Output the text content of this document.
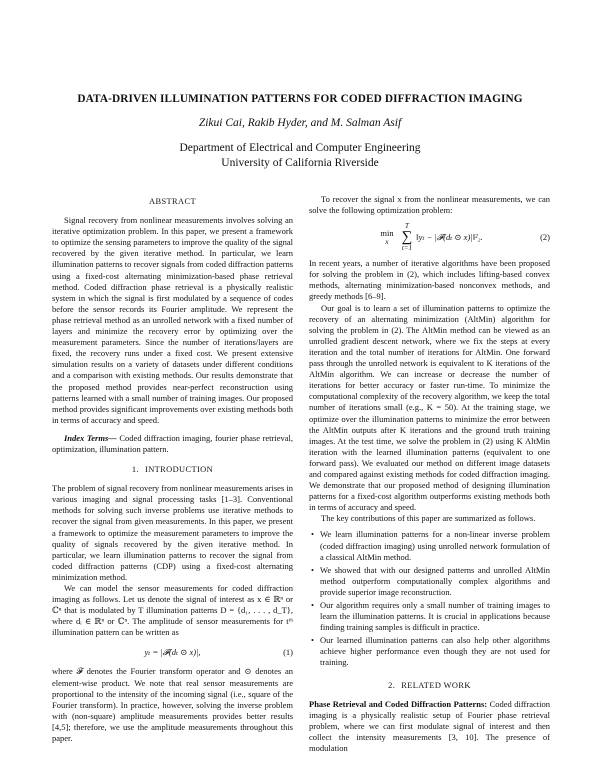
DATA-DRIVEN ILLUMINATION PATTERNS FOR CODED DIFFRACTION IMAGING
Zikui Cai, Rakib Hyder, and M. Salman Asif
Department of Electrical and Computer Engineering
University of California Riverside
ABSTRACT

Signal recovery from nonlinear measurements involves solving an iterative optimization problem. In this paper, we present a framework to optimize the sensing parameters to improve the quality of the signal recovered by the given iterative method. In particular, we learn illumination patterns to recover signals from coded diffraction patterns using a fixed-cost alternating minimization-based phase retrieval method. Coded diffraction phase retrieval is a physically realistic system in which the signal is first modulated by a sequence of codes before the sensor records its Fourier amplitude. We represent the phase retrieval method as an unrolled network with a fixed number of layers and minimize the recovery error by optimizing over the measurement parameters. Since the number of iterations/layers are fixed, the recovery runs under a fixed cost. We present extensive simulation results on a variety of datasets under different conditions and a comparison with existing methods. Our results demonstrate that the proposed method provides near-perfect reconstruction using patterns learned with a small number of training images. Our proposed method provides significant improvements over existing methods both in terms of accuracy and speed.

Index Terms— Coded diffraction imaging, fourier phase retrieval, optimization, illumination pattern.

1. INTRODUCTION

The problem of signal recovery from nonlinear measurements arises in various imaging and signal processing tasks [1–3]. Conventional methods for solving such inverse problems use iterative methods to recover the signal from given measurements. In this paper, we present a framework to optimize the measurement parameters to improve the quality of signals recovered by the given iterative method. In particular, we learn illumination patterns to recover the signal from coded diffraction patterns (CDP) using a fixed-cost alternating minimization method.

We can model the sensor measurements for coded diffraction imaging as follows. Let us denote the signal of interest as x ∈ ℝⁿ or ℂⁿ that is modulated by T illumination patterns D = {d₁, . . . , d_T}, where dᵢ ∈ ℝⁿ or ℂⁿ. The amplitude of sensor measurements for tᵗʰ illumination pattern can be written as

yₜ = |𝓕(dₜ ⊙ x)|,	(1)

where 𝓕 denotes the Fourier transform operator and ⊙ denotes an element-wise product. We note that real sensor measurements are proportional to the intensity of the incoming signal (i.e., square of the Fourier transform). In practice, however, solving the inverse problem with (non-square) amplitude measurements provides better results [4,5]; therefore, we use the amplitude measurements throughout this paper.

To recover the signal x from the nonlinear measurements, we can solve the following optimization problem:

min
x
T
∑
t=1
‖yₜ − |𝓕(dₜ ⊙ x)|‖²₂.	(2)

In recent years, a number of iterative algorithms have been proposed for solving the problem in (2), which includes lifting-based convex methods, alternating minimization-based nonconvex methods, and greedy methods [6–9].

Our goal is to learn a set of illumination patterns to optimize the recovery of an alternating minimization (AltMin) algorithm for solving the problem in (2). The AltMin method can be viewed as an unrolled gradient descent network, where we fix the steps at every iteration and the total number of iterations for AltMin. One forward pass through the unrolled network is equivalent to K iterations of the AltMin algorithm. We can increase or decrease the number of iterations for better accuracy or faster run-time. To minimize the computational complexity of the recovery algorithm, we keep the total number of iterations small (e.g., K = 50). At the training stage, we optimize over the illumination patterns to minimize the error between the AltMin outputs after K iterations and the ground truth training images. At the test time, we solve the problem in (2) using K AltMin iteration with the learned illumination patterns (equivalent to one forward pass). We evaluated our method on different image datasets and compared against existing methods for coded diffraction imaging. We demonstrate that our proposed method of designing illumination patterns for a fixed-cost algorithm outperforms existing methods both in terms of accuracy and speed.

The key contributions of this paper are summarized as follows.

• We learn illumination patterns for a non-linear inverse problem (coded diffraction imaging) using unrolled network formulation of a classical AltMin method.
• We showed that with our designed patterns and unrolled AltMin method outperform computationally complex algorithms and provide superior image reconstruction.
• Our algorithm requires only a small number of training images to learn the illumination patterns. It is crucial in applications because finding training samples is difficult in practice.
• Our learned illumination patterns can also help other algorithms achieve higher performance even though they are not used for training.
2. RELATED WORK

Phase Retrieval and Coded Diffraction Patterns: Coded diffraction imaging is a physically realistic setup of Fourier phase retrieval problem, where we can first modulate signal of interest and then collect the intensity measurements [3, 10]. The presence of modulation
